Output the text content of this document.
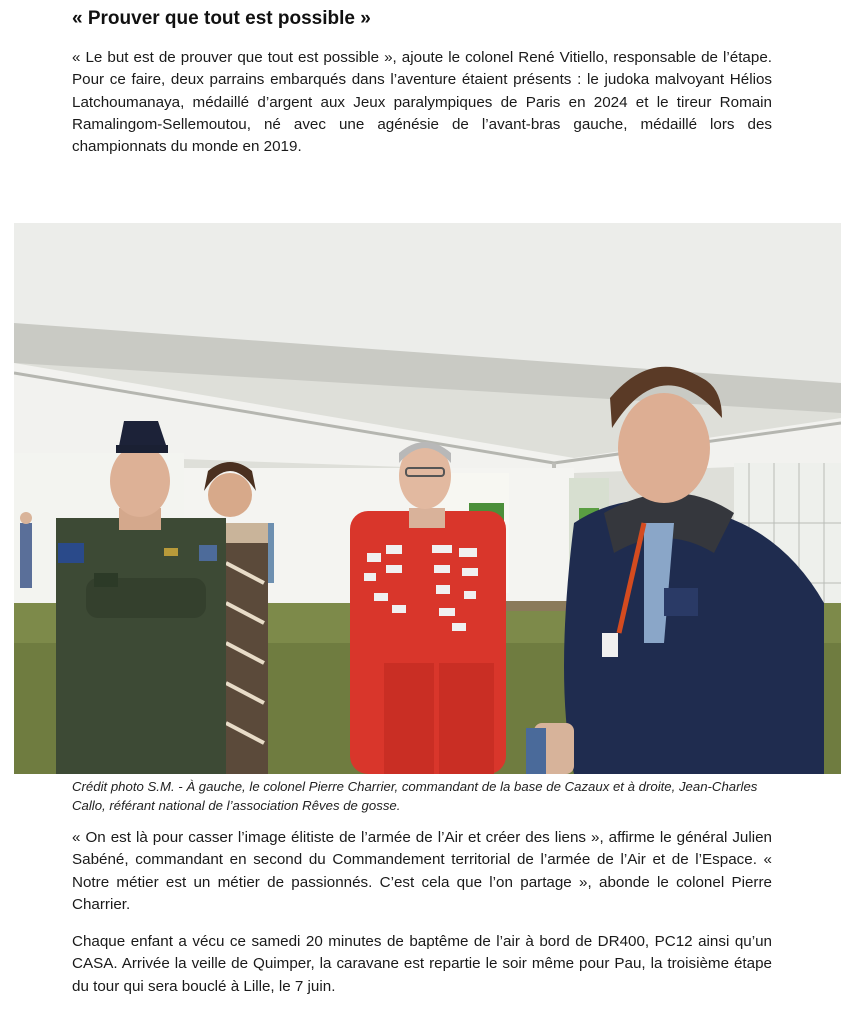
« Prouver que tout est possible »

« Le but est de prouver que tout est possible », ajoute le colonel René Vitiello, responsable de l’étape. Pour ce faire, deux parrains embarqués dans l’aventure étaient présents : le judoka malvoyant Hélios Latchoumanaya, médaillé d’argent aux Jeux paralympiques de Paris en 2024 et le tireur Romain Ramalingom-Sellemoutou, né avec une agénésie de l’avant-bras gauche, médaillé lors des championnats du monde en 2019.

Crédit photo S.M. - À gauche, le colonel Pierre Charrier, commandant de la base de Cazaux et à droite, Jean-Charles Callo, référant national de l’association Rêves de gosse.

« On est là pour casser l’image élitiste de l’armée de l’Air et créer des liens », affirme le général Julien Sabéné, commandant en second du Commandement territorial de l’armée de l’Air et de l’Espace. « Notre métier est un métier de passionnés. C’est cela que l’on partage », abonde le colonel Pierre Charrier.

Chaque enfant a vécu ce samedi 20 minutes de baptême de l’air à bord de DR400, PC12 ainsi qu’un CASA. Arrivée la veille de Quimper, la caravane est repartie le soir même pour Pau, la troisième étape du tour qui sera bouclé à Lille, le 7 juin.
